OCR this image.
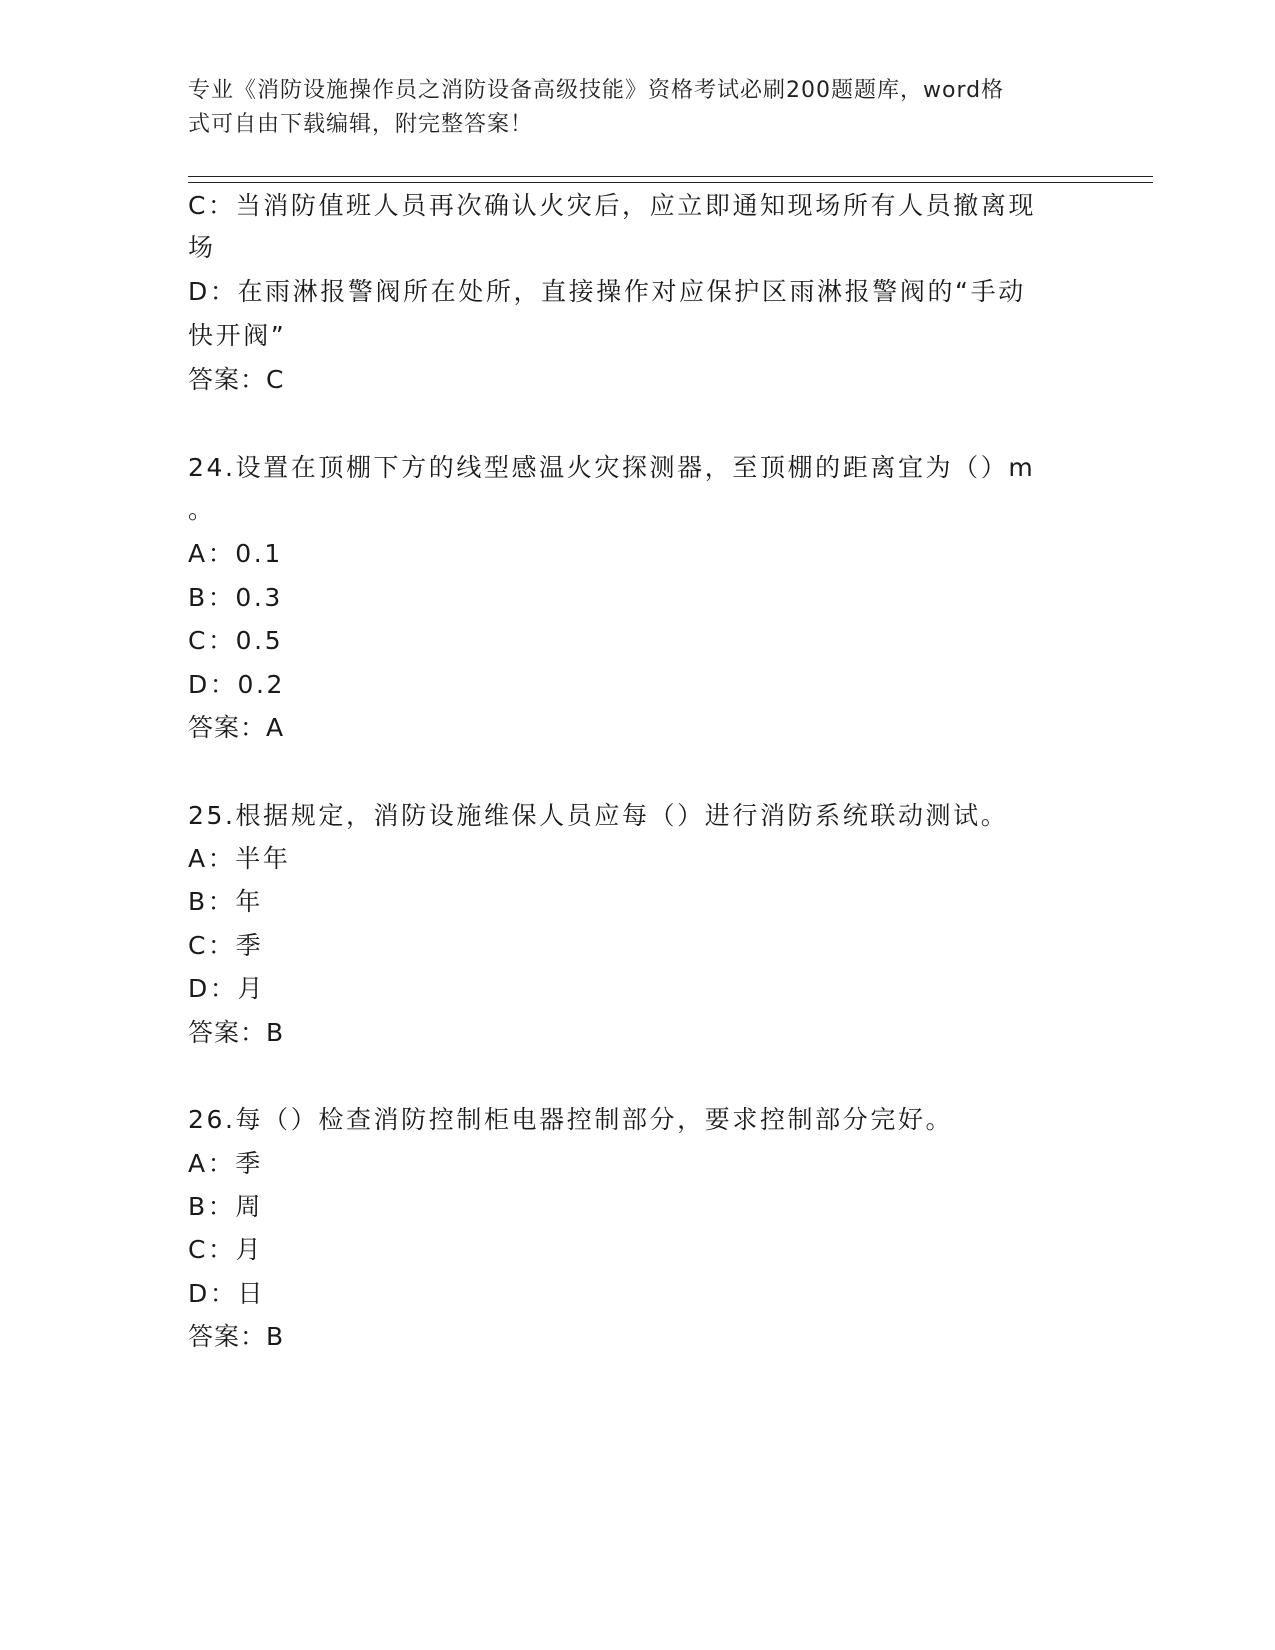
专业《消防设施操作员之消防设备高级技能》资格考试必刷200题题库，word格
式可自由下载编辑，附完整答案！
C：当消防值班人员再次确认火灾后，应立即通知现场所有人员撤离现
场
D：在雨淋报警阀所在处所，直接操作对应保护区雨淋报警阀的“手动
快开阀”
答案：C
24.设置在顶棚下方的线型感温火灾探测器，至顶棚的距离宜为（）m
。
A：0.1
B：0.3
C：0.5
D：0.2
答案：A
25.根据规定，消防设施维保人员应每（）进行消防系统联动测试。
A：半年
B：年
C：季
D：月
答案：B
26.每（）检查消防控制柜电器控制部分，要求控制部分完好。
A：季
B：周
C：月
D：日
答案：B
